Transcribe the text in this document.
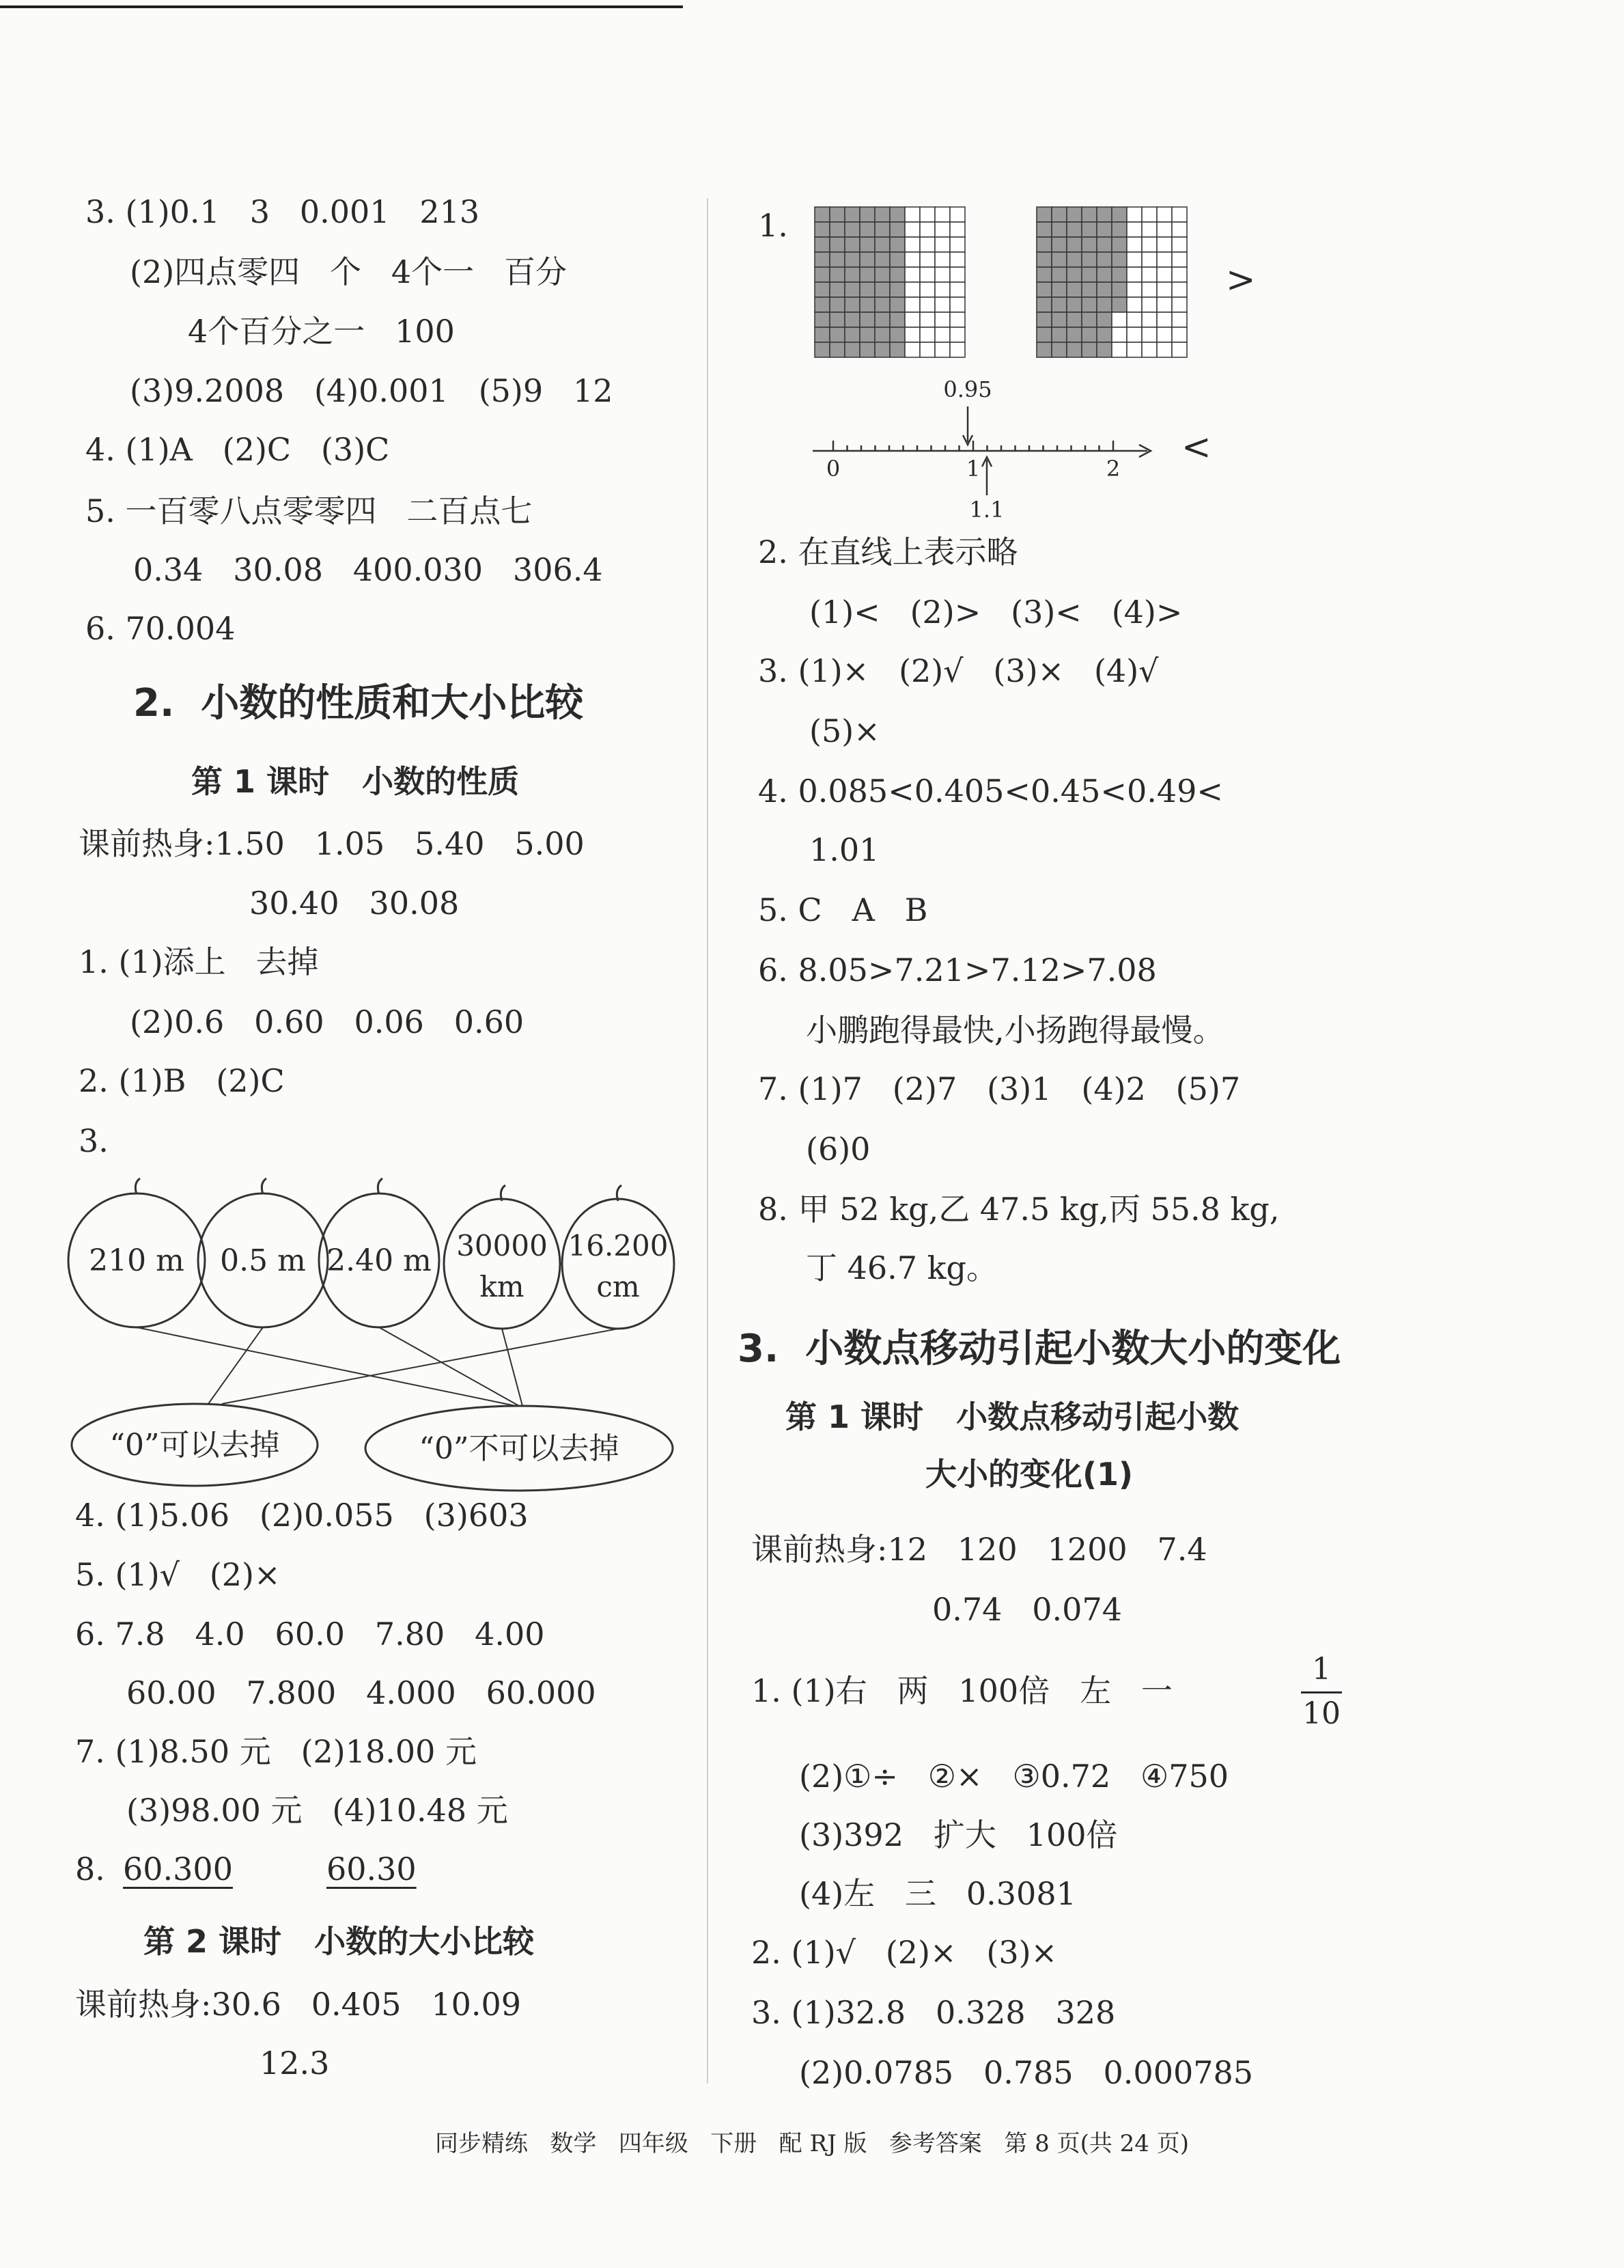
3. (1)0.1   3   0.001   213
(2)四点零四   个   4个一   百分
4个百分之一   100
(3)9.2008   (4)0.001   (5)9   12
4. (1)A   (2)C   (3)C
5. 一百零八点零零四   二百点七
0.34   30.08   400.030   306.4
6. 70.004
2.  小数的性质和大小比较
第 1 课时   小数的性质
课前热身:1.50   1.05   5.40   5.00
30.40   30.08
1. (1)添上   去掉
(2)0.6   0.60   0.06   0.60
2. (1)B   (2)C
3.
210 m 0.5 m 2.40 m 30000
km
16.200
cm
“0”可以去掉	“0”不可以去掉
4. (1)5.06   (2)0.055   (3)603
5. (1)√   (2)×
6. 7.8   4.0   60.0   7.80   4.00
60.00   7.800   4.000   60.000
7. (1)8.50 元   (2)18.00 元
(3)98.00 元   (4)10.48 元
8. 60.300	60.30
第 2 课时   小数的大小比较
课前热身:30.6   0.405   10.09
12.3
1.
>
0.95
0	1	2
1.1
<
2. 在直线上表示略
(1)<   (2)>   (3)<   (4)>
3. (1)×   (2)√   (3)×   (4)√
(5)×
4. 0.085<0.405<0.45<0.49<
1.01
5. C   A   B
6. 8.05>7.21>7.12>7.08
小鹏跑得最快,小扬跑得最慢。
7. (1)7   (2)7   (3)1   (4)2   (5)7
(6)0
8. 甲 52 kg,乙 47.5 kg,丙 55.8 kg,
丁 46.7 kg。
3.  小数点移动引起小数大小的变化
第 1 课时   小数点移动引起小数
大小的变化(1)
课前热身:12   120   1200   7.4
0.74   0.074
1. (1)右   两   100倍   左   一
1
10
(2)①÷   ②×   ③0.72   ④750
(3)392   扩大   100倍
(4)左   三   0.3081
2. (1)√   (2)×   (3)×
3. (1)32.8   0.328   328
(2)0.0785   0.785   0.000785
同步精练   数学   四年级   下册   配 RJ 版   参考答案   第 8 页(共 24 页)
